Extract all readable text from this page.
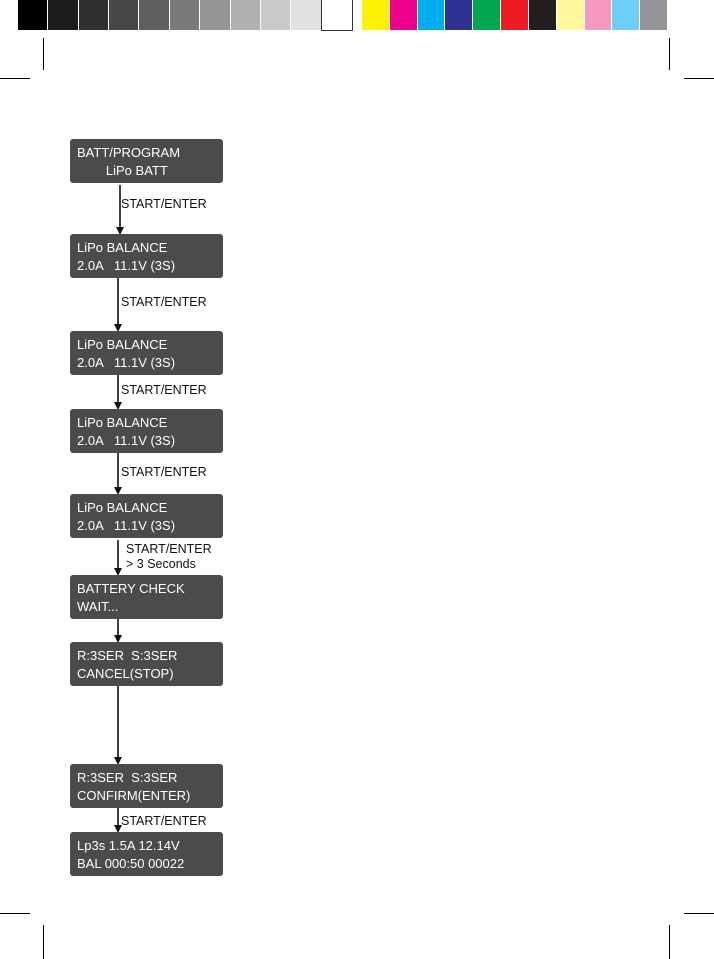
BATT/PROGRAM
LiPo BATT
LiPo BALANCE
2.0A   11.1V (3S)
LiPo BALANCE
2.0A   11.1V (3S)
LiPo BALANCE
2.0A   11.1V (3S)
LiPo BALANCE
2.0A   11.1V (3S)
BATTERY CHECK
WAIT...
R:3SER  S:3SER
CANCEL(STOP)
R:3SER  S:3SER
CONFIRM(ENTER)
Lp3s 1.5A 12.14V
BAL 000:50 00022
START/ENTER
START/ENTER
START/ENTER
START/ENTER
START/ENTER
> 3 Seconds
START/ENTER
